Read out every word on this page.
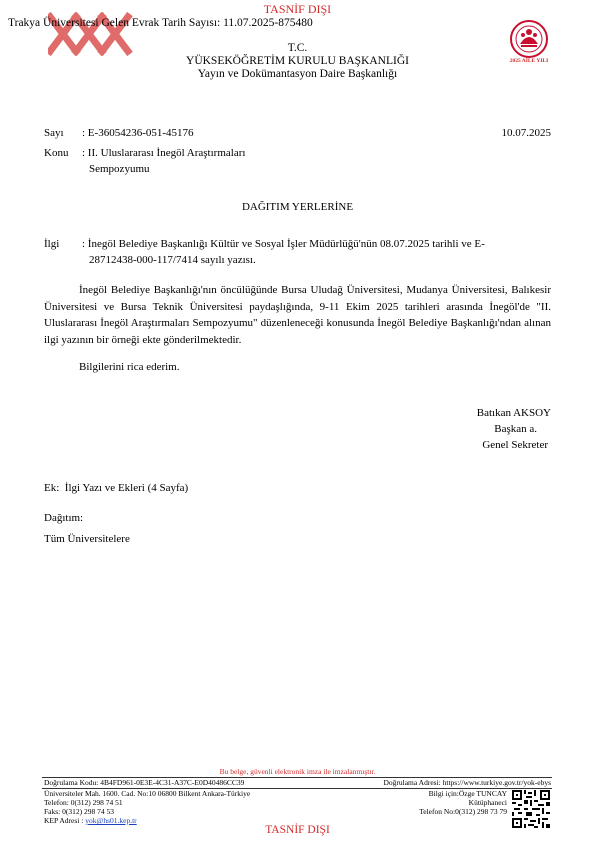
TASNİF DIŞI
Trakya Üniversitesi Gelen Evrak Tarih Sayısı: 11.07.2025-875480
T.C.
YÜKSEKÖĞRETİM KURULU BAŞKANLIĞI
Yayın ve Dokümantasyon Daire Başkanlığı
2025 AİLE YILI
Sayı : E-36054236-051-45176	10.07.2025
Konu : II. Uluslararası İnegöl Araştırmaları
Sempozyumu
DAĞITIM YERLERİNE
İlgi : İnegöl Belediye Başkanlığı Kültür ve Sosyal İşler Müdürlüğü'nün 08.07.2025 tarihli ve E-
28712438-000-117/7414 sayılı yazısı.
İnegöl Belediye Başkanlığı'nın öncülüğünde Bursa Uludağ Üniversitesi, Mudanya Üniversitesi, Balıkesir Üniversitesi ve Bursa Teknik Üniversitesi paydaşlığında, 9-11 Ekim 2025 tarihleri arasında İnegöl'de "II. Uluslararası İnegöl Araştırmaları Sempozyumu" düzenleneceği konusunda İnegöl Belediye Başkanlığı'ndan alınan ilgi yazının bir örneği ekte gönderilmektedir.
Bilgilerini rica ederim.
Batıkan AKSOY
Başkan a.
Genel Sekreter
Ek:  İlgi Yazı ve Ekleri (4 Sayfa)
Dağıtım:
Tüm Üniversitelere
Bu belge, güvenli elektronik imza ile imzalanmıştır.
Doğrulama Kodu: 4B4FD961-0E3E-4C31-A37C-E0D40486CC39	Doğrulama Adresi: https://www.turkiye.gov.tr/yok-ebys
Üniversiteler Mah. 1600. Cad. No:10 06800 Bilkent Ankara-Türkiye
Telefon: 0(312) 298 74 51
Faks: 0(312) 298 74 53
KEP Adresi : yok@hs01.kep.tr
Bilgi için:Özge TUNCAY
Kütüphaneci
Telefon No:0(312) 298 73 79
TASNİF DIŞI
